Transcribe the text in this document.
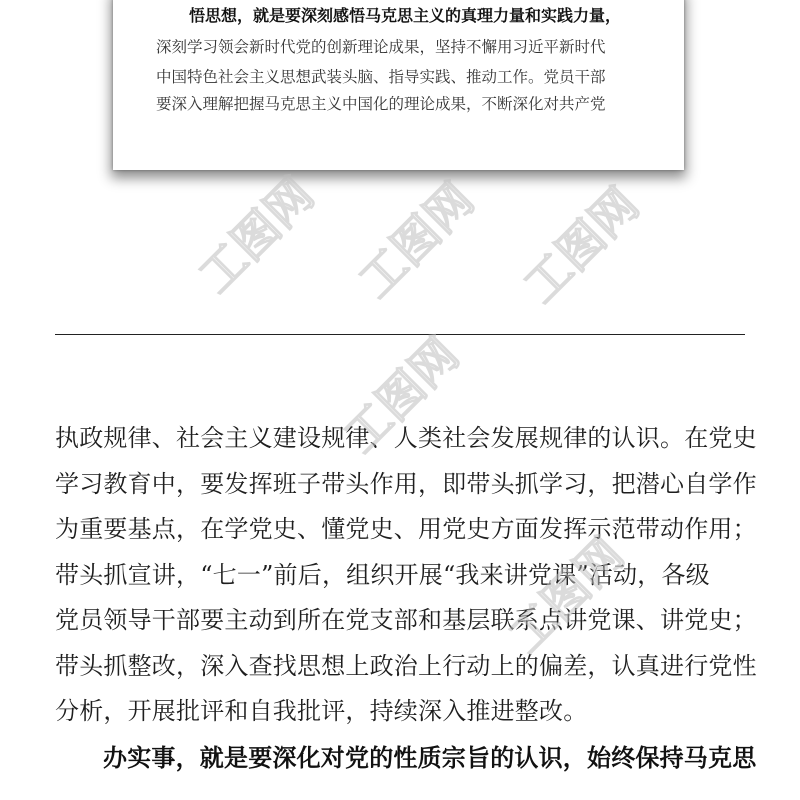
悟思想，就是要深刻感悟马克思主义的真理力量和实践力量，

深刻学习领会新时代党的创新理论成果，坚持不懈用习近平新时代

中国特色社会主义思想武装头脑、指导实践、推动工作。党员干部

要深入理解把握马克思主义中国化的理论成果，不断深化对共产党

执政规律、社会主义建设规律、人类社会发展规律的认识。在党史

学习教育中，要发挥班子带头作用，即带头抓学习，把潜心自学作

为重要基点，在学党史、懂党史、用党史方面发挥示范带动作用；

带头抓宣讲，“七一”前后，组织开展“我来讲党课”活动，各级

党员领导干部要主动到所在党支部和基层联系点讲党课、讲党史；

带头抓整改，深入查找思想上政治上行动上的偏差，认真进行党性

分析，开展批评和自我批评，持续深入推进整改。

办实事，就是要深化对党的性质宗旨的认识，始终保持马克思

工图网 工图网 工图网
工图网
工图网
